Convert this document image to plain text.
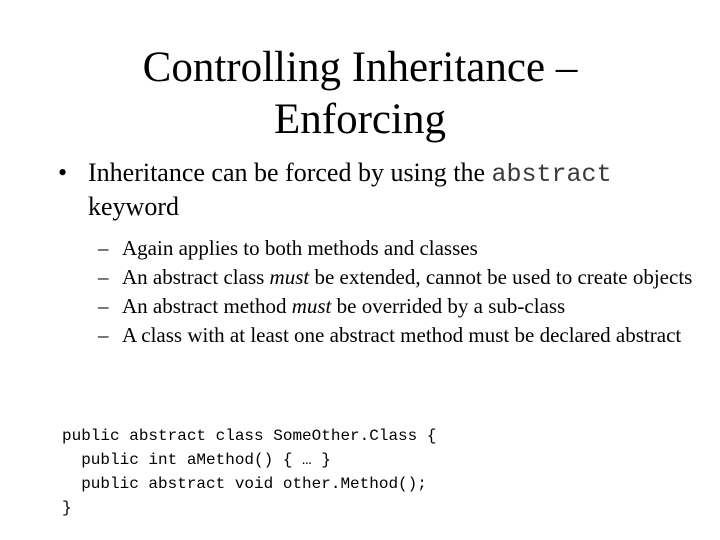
Controlling Inheritance –
Enforcing
• Inheritance can be forced by using the abstract keyword
– Again applies to both methods and classes
– An abstract class must be extended, cannot be used to create objects
– An abstract method must be overrided by a sub-class
– A class with at least one abstract method must be declared abstract
public abstract class SomeOther.Class {
public int aMethod() { … }
public abstract void other.Method();
}
